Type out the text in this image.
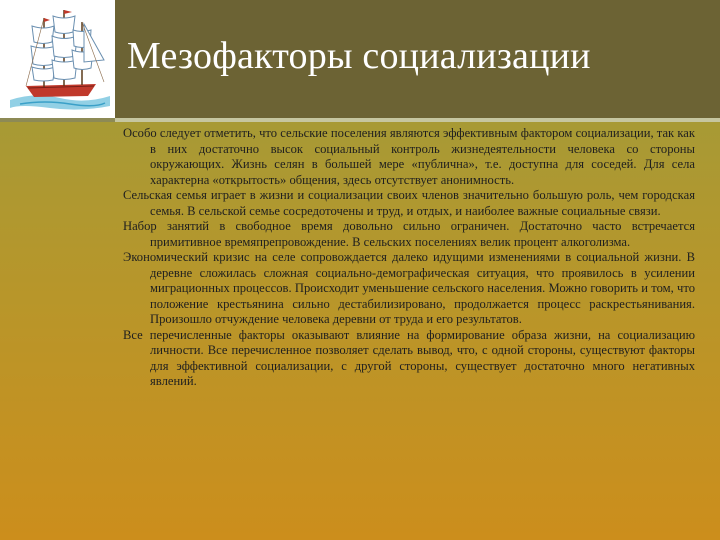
Мезофакторы социализации

Особо следует отметить, что сельские поселения являются эффективным фактором социализации, так как в них достаточно высок социальный контроль жизнедеятельности человека со стороны окружающих. Жизнь селян в большей мере «публична», т.е. доступна для соседей. Для села характерна «открытость» общения, здесь отсутствует анонимность.

Сельская семья играет в жизни и социализации своих членов значительно большую роль, чем городская семья. В сельской семье сосредоточены и труд, и отдых, и наиболее важные социальные связи.

Набор занятий в свободное время довольно сильно ограничен. Достаточно часто встречается примитивное времяпрепровождение. В сельских поселениях велик процент алкоголизма.

Экономический кризис на селе сопровождается далеко идущими изменениями в социальной жизни. В деревне сложилась сложная социально-демографическая ситуация, что проявилось в усилении миграционных процессов. Происходит уменьшение сельского населения. Можно говорить и том, что положение крестьянина сильно дестабилизировано, продолжается процесс раскрестьянивания. Произошло отчуждение человека деревни от труда и его результатов.

Все перечисленные факторы оказывают влияние на формирование образа жизни, на социализацию личности. Все перечисленное позволяет сделать вывод, что, с одной стороны, существуют факторы для эффективной социализации, с другой стороны, существует достаточно много негативных явлений.
